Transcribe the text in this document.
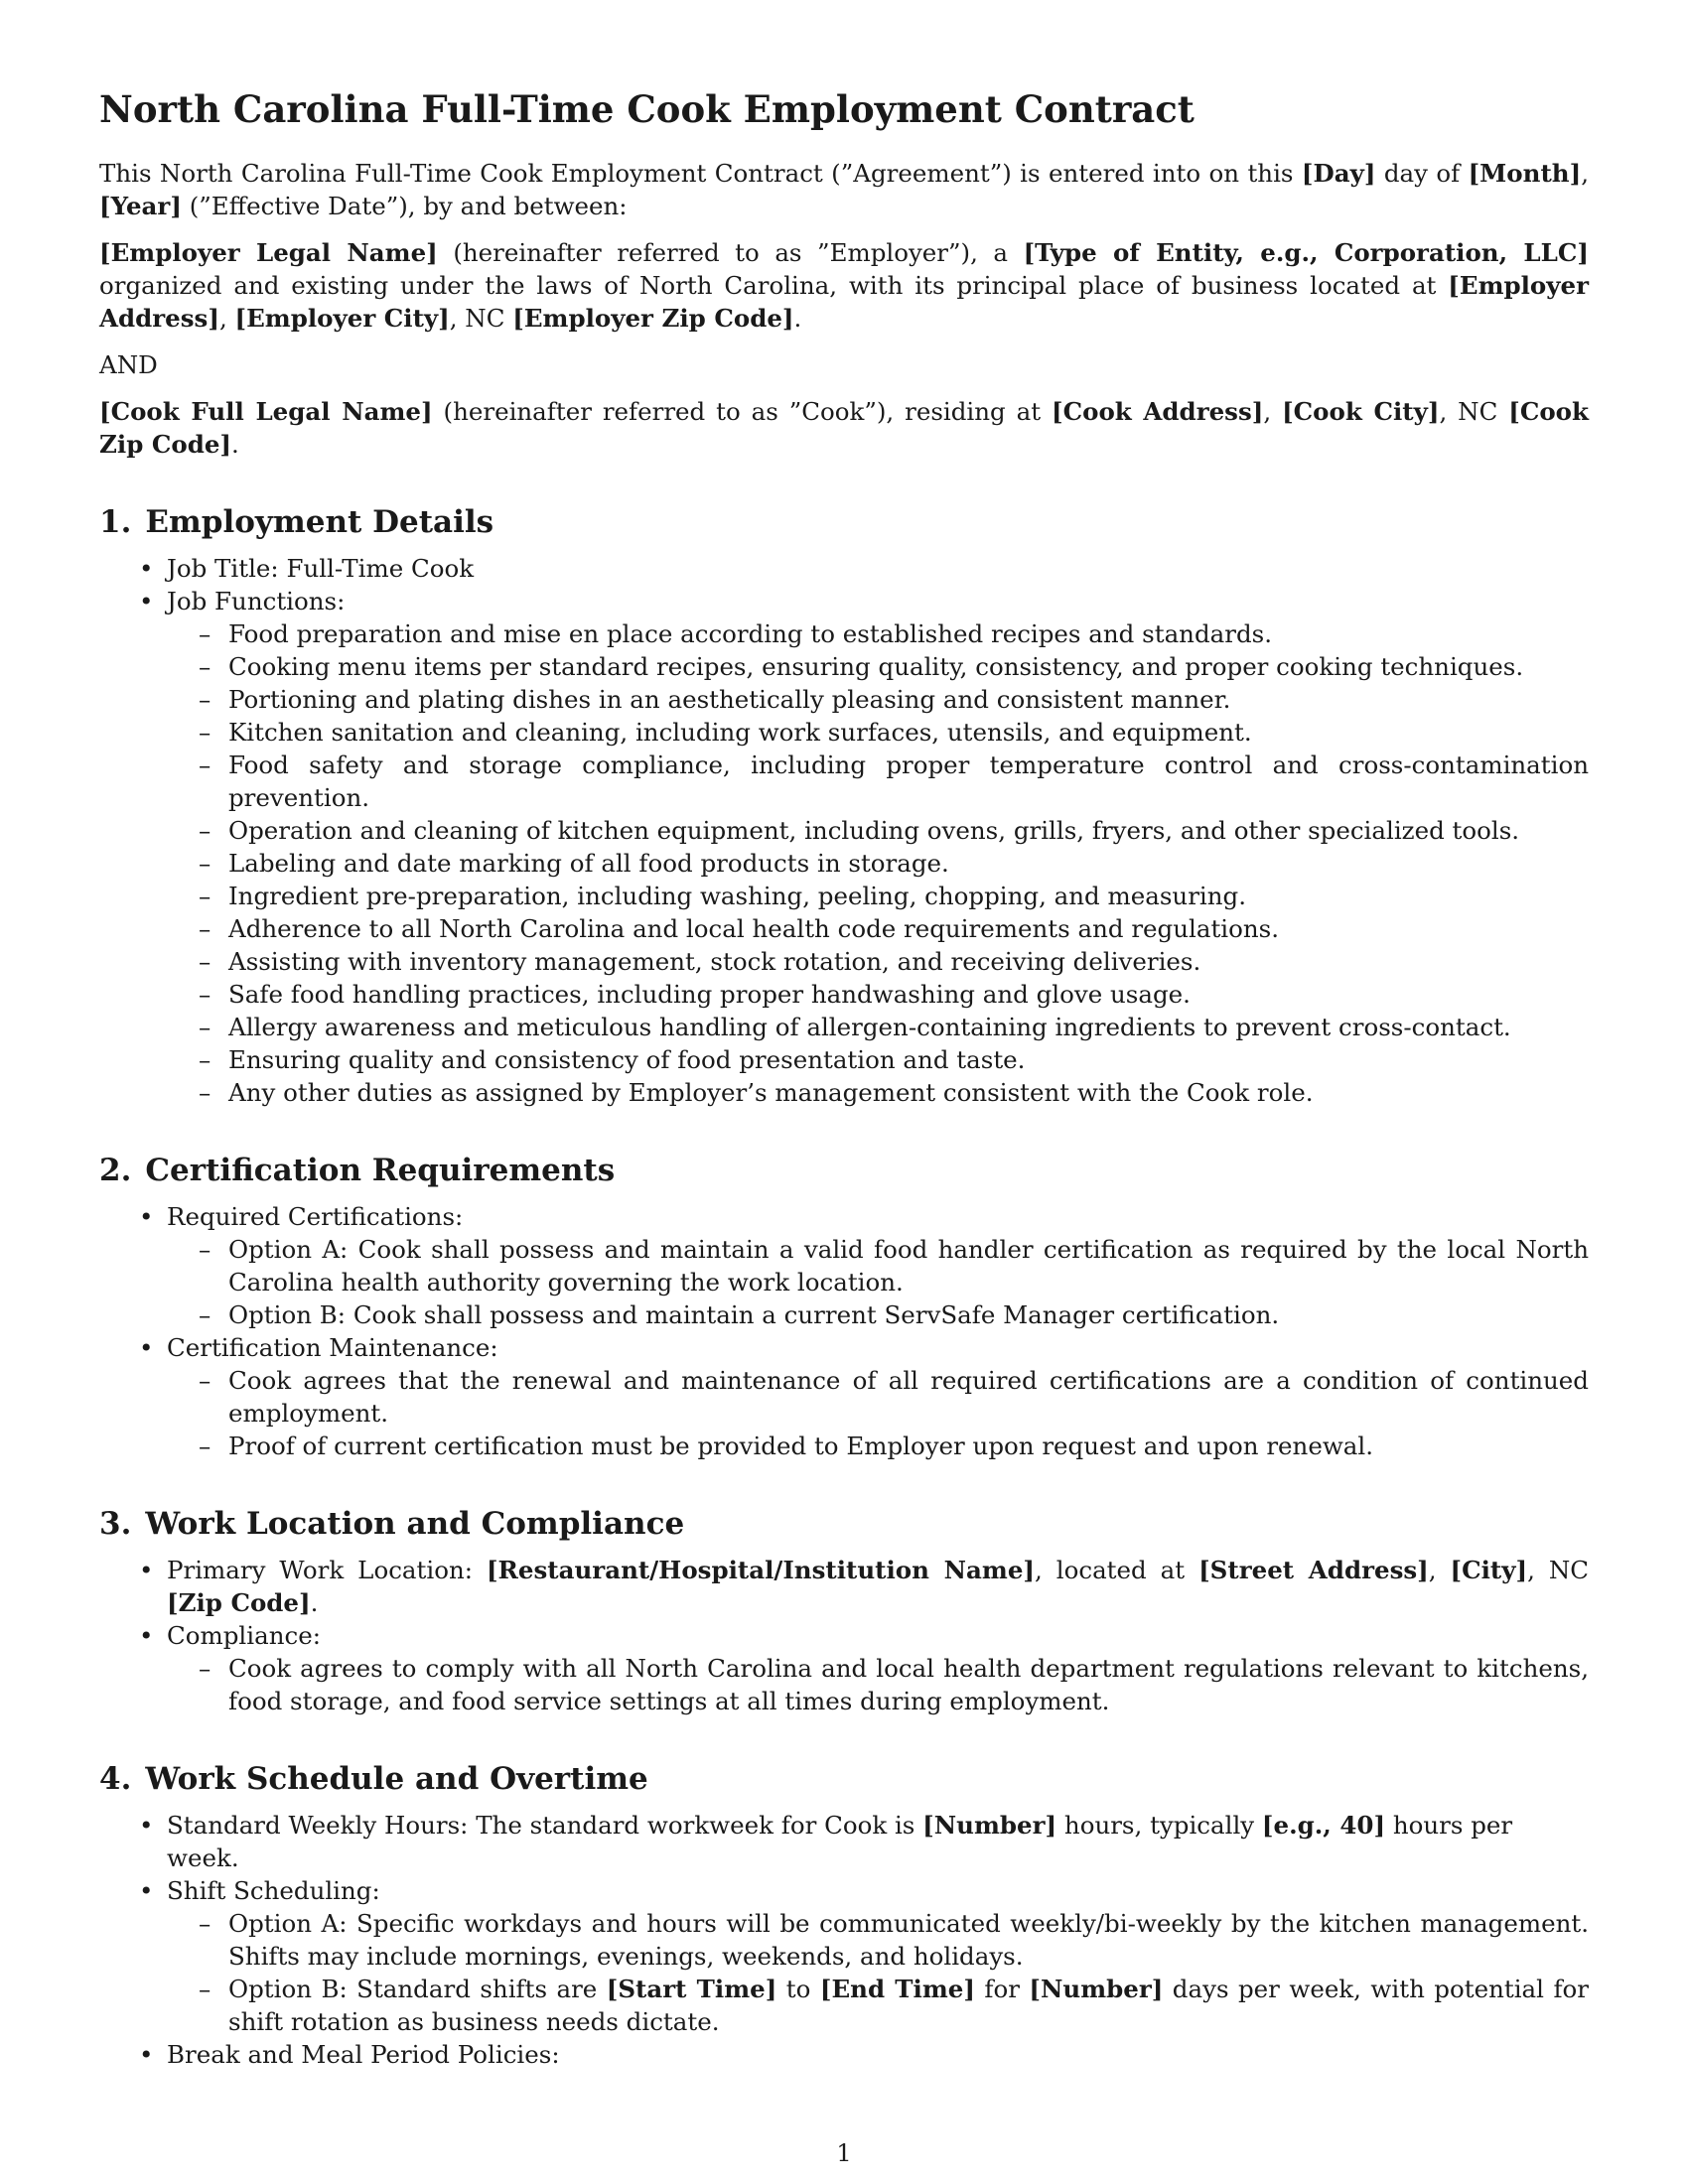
North Carolina Full-Time Cook Employment Contract

This North Carolina Full-Time Cook Employment Contract (”Agreement”) is entered into on this [Day] day of [Month], [Year] (”Effective Date”), by and between:

[Employer Legal Name] (hereinafter referred to as ”Employer”), a [Type of Entity, e.g., Corporation, LLC] organized and existing under the laws of North Carolina, with its principal place of business located at [Employer Address], [Employer City], NC [Employer Zip Code].

AND

[Cook Full Legal Name] (hereinafter referred to as ”Cook”), residing at [Cook Address], [Cook City], NC [Cook Zip Code].

1. Employment Details
• Job Title: Full-Time Cook
• Job Functions:
– Food preparation and mise en place according to established recipes and standards.
– Cooking menu items per standard recipes, ensuring quality, consistency, and proper cooking techniques.
– Portioning and plating dishes in an aesthetically pleasing and consistent manner.
– Kitchen sanitation and cleaning, including work surfaces, utensils, and equipment.
– Food safety and storage compliance, including proper temperature control and cross-contamination prevention.
– Operation and cleaning of kitchen equipment, including ovens, grills, fryers, and other specialized tools.
– Labeling and date marking of all food products in storage.
– Ingredient pre-preparation, including washing, peeling, chopping, and measuring.
– Adherence to all North Carolina and local health code requirements and regulations.
– Assisting with inventory management, stock rotation, and receiving deliveries.
– Safe food handling practices, including proper handwashing and glove usage.
– Allergy awareness and meticulous handling of allergen-containing ingredients to prevent cross-contact.
– Ensuring quality and consistency of food presentation and taste.
– Any other duties as assigned by Employer’s management consistent with the Cook role.
2. Certification Requirements
• Required Certifications:
– Option A: Cook shall possess and maintain a valid food handler certification as required by the local North Carolina health authority governing the work location.
– Option B: Cook shall possess and maintain a current ServSafe Manager certification.
• Certification Maintenance:
– Cook agrees that the renewal and maintenance of all required certifications are a condition of continued employment.
– Proof of current certification must be provided to Employer upon request and upon renewal.
3. Work Location and Compliance
• Primary Work Location: [Restaurant/Hospital/Institution Name], located at [Street Address], [City], NC [Zip Code].
• Compliance:
– Cook agrees to comply with all North Carolina and local health department regulations relevant to kitchens, food storage, and food service settings at all times during employment.
4. Work Schedule and Overtime
• Standard Weekly Hours: The standard workweek for Cook is [Number] hours, typically [e.g., 40] hours per week.
• Shift Scheduling:
– Option A: Specific workdays and hours will be communicated weekly/bi-weekly by the kitchen management. Shifts may include mornings, evenings, weekends, and holidays.
– Option B: Standard shifts are [Start Time] to [End Time] for [Number] days per week, with potential for shift rotation as business needs dictate.
• Break and Meal Period Policies:
1
